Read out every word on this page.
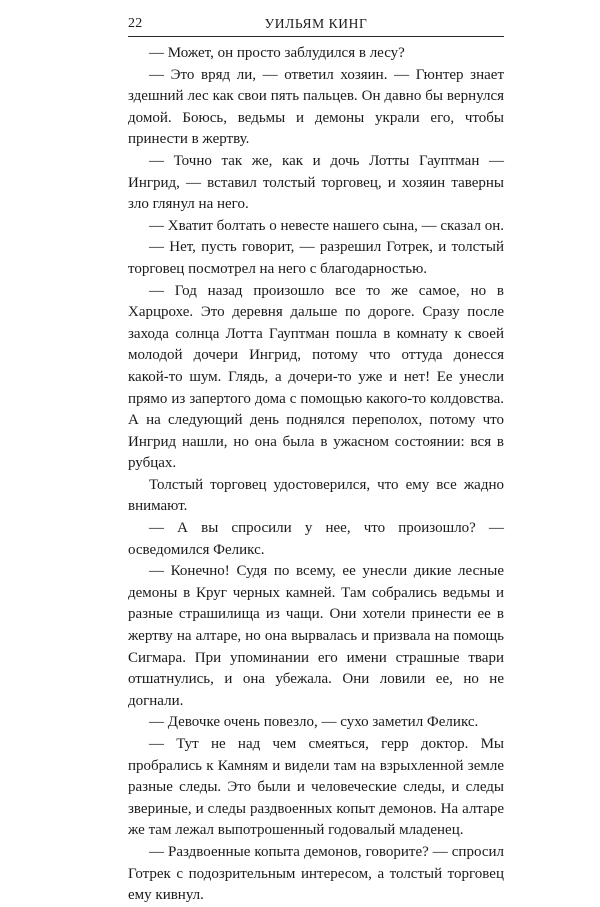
22	УИЛЬЯМ КИНГ

— Может, он просто заблудился в лесу?

— Это вряд ли, — ответил хозяин. — Гюнтер знает здешний лес как свои пять пальцев. Он давно бы вернулся домой. Боюсь, ведьмы и демоны украли его, чтобы принести в жертву.

— Точно так же, как и дочь Лотты Гауптман — Ингрид, — вставил толстый торговец, и хозяин таверны зло глянул на него.

— Хватит болтать о невесте нашего сына, — сказал он.

— Нет, пусть говорит, — разрешил Готрек, и толстый торговец посмотрел на него с благодарностью.

— Год назад произошло все то же самое, но в Харцрохе. Это деревня дальше по дороге. Сразу после захода солнца Лотта Гауптман пошла в комнату к своей молодой дочери Ингрид, потому что оттуда донесся какой-то шум. Глядь, а дочери-то уже и нет! Ее унесли прямо из запертого дома с помощью какого-то колдовства. А на следующий день поднялся переполох, потому что Ингрид нашли, но она была в ужасном состоянии: вся в рубцах.

Толстый торговец удостоверился, что ему все жадно внимают.

— А вы спросили у нее, что произошло? — осведомился Феликс.

— Конечно! Судя по всему, ее унесли дикие лесные демоны в Круг черных камней. Там собрались ведьмы и разные страшилища из чащи. Они хотели принести ее в жертву на алтаре, но она вырвалась и призвала на помощь Сигмара. При упоминании его имени страшные твари отшатнулись, и она убежала. Они ловили ее, но не догнали.

— Девочке очень повезло, — сухо заметил Феликс.

— Тут не над чем смеяться, герр доктор. Мы пробрались к Камням и видели там на взрыхленной земле разные следы. Это были и человеческие следы, и следы звериные, и следы раздвоенных копыт демонов. На алтаре же там лежал выпотрошенный годовалый младенец.

— Раздвоенные копыта демонов, говорите? — спросил Готрек с подозрительным интересом, а толстый торговец ему кивнул.
